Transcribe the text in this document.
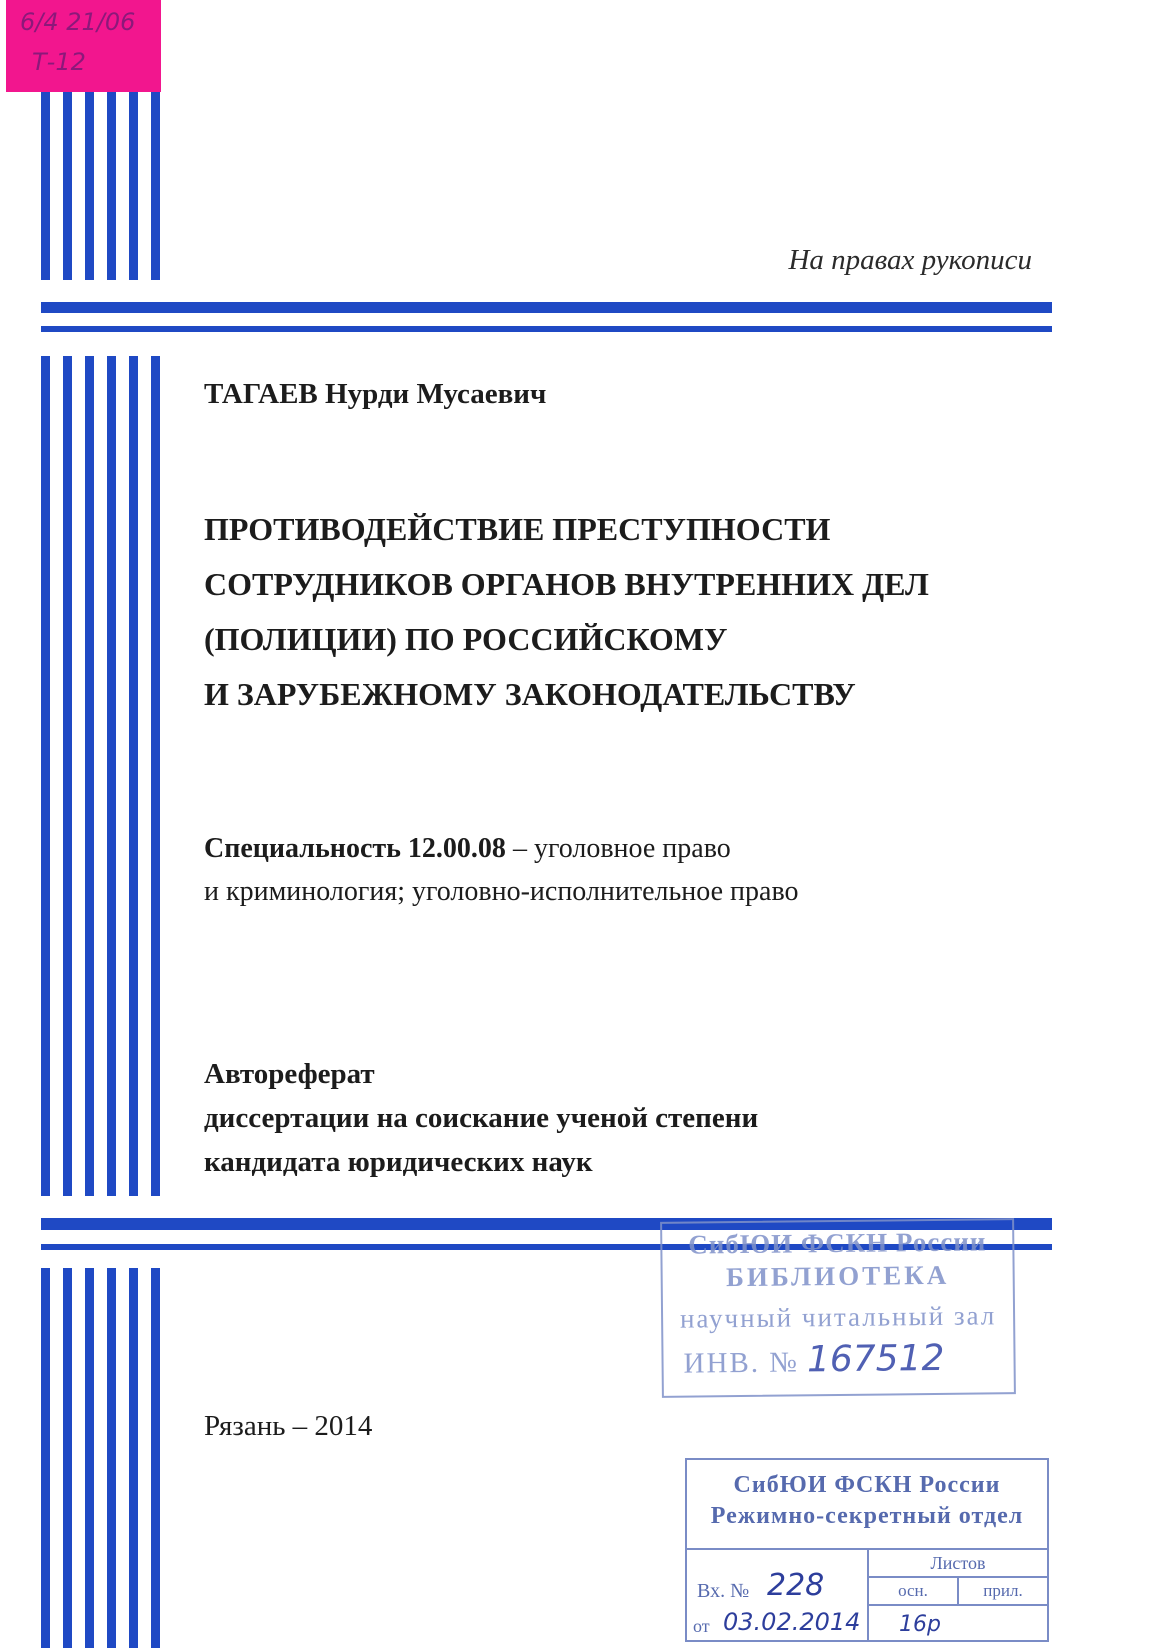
6/4 21/06
Т-12
На правах рукописи
ТАГАЕВ Нурди Мусаевич
ПРОТИВОДЕЙСТВИЕ ПРЕСТУПНОСТИ
СОТРУДНИКОВ ОРГАНОВ ВНУТРЕННИХ ДЕЛ
(ПОЛИЦИИ) ПО РОССИЙСКОМУ
И ЗАРУБЕЖНОМУ ЗАКОНОДАТЕЛЬСТВУ
Специальность 12.00.08 – уголовное право
и криминология; уголовно-исполнительное право
Автореферат
диссертации на соискание ученой степени
кандидата юридических наук
Рязань – 2014
СибЮИ ФСКН России
БИБЛИОТЕКА
научный читальный зал
ИНВ. № 167512
СибЮИ ФСКН России
Режимно-секретный отдел
Вх. № 228
от 03.02.2014
Листов
осн.	прил.
16р
